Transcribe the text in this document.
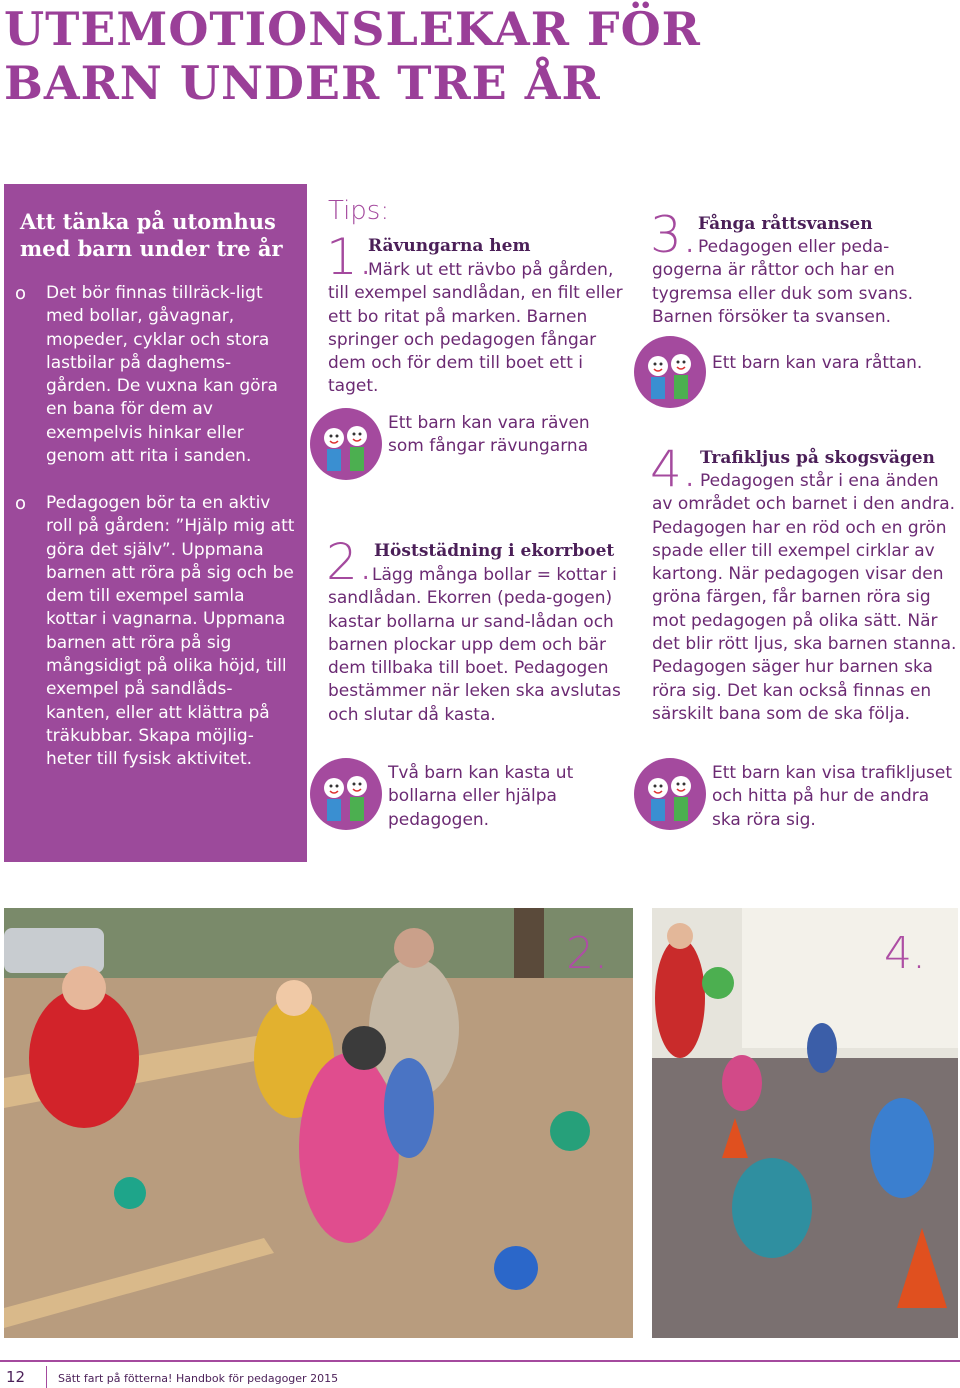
UTEMOTIONSLEKAR FÖR
BARN UNDER TRE ÅR
Att tänka på utomhus
med barn under tre år
o Det bör finnas tillräck-ligt med bollar, gåvagnar, mopeder, cyklar och stora lastbilar på daghems-gården. De vuxna kan göra en bana för dem av exempelvis hinkar eller genom att rita i sanden.
o Pedagogen bör ta en aktiv roll på gården: ”Hjälp mig att göra det själv”. Uppmana barnen att röra på sig och be dem till exempel samla kottar i vagnarna. Uppmana barnen att röra på sig mångsidigt på olika höjd, till exempel på sandlåds-kanten, eller att klättra på träkubbar. Skapa möjlig-heter till fysisk aktivitet.
Tips:
1.
Rävungarna hem
Märk ut ett rävbo på gården, till exempel sandlådan, en filt eller ett bo ritat på marken. Barnen springer och pedagogen fångar dem och för dem till boet ett i taget.
Ett barn kan vara räven som fångar rävungarna
2. Höststädning i ekorrboet
Lägg många bollar = kottar i sandlådan. Ekorren (peda-gogen) kastar bollarna ur sand-lådan och barnen plockar upp dem och bär dem tillbaka till boet. Pedagogen bestämmer när leken ska avslutas och slutar då kasta.
Två barn kan kasta ut bollarna eller hjälpa pedagogen.
3. Fånga råttsvansen
Pedagogen eller peda-gogerna är råttor och har en tygremsa eller duk som svans. Barnen försöker ta svansen.
Ett barn kan vara råttan.
4. Trafikljus på skogsvägen
Pedagogen står i ena änden av området och barnet i den andra. Pedagogen har en röd och en grön spade eller till exempel cirklar av kartong. När pedagogen visar den gröna färgen, får barnen röra sig mot pedagogen på olika sätt. När det blir rött ljus, ska barnen stanna. Pedagogen säger hur barnen ska röra sig. Det kan också finnas en särskilt bana som de ska följa.
Ett barn kan visa trafikljuset och hitta på hur de andra ska röra sig.
2.	4.
12	Sätt fart på fötterna! Handbok för pedagoger 2015
